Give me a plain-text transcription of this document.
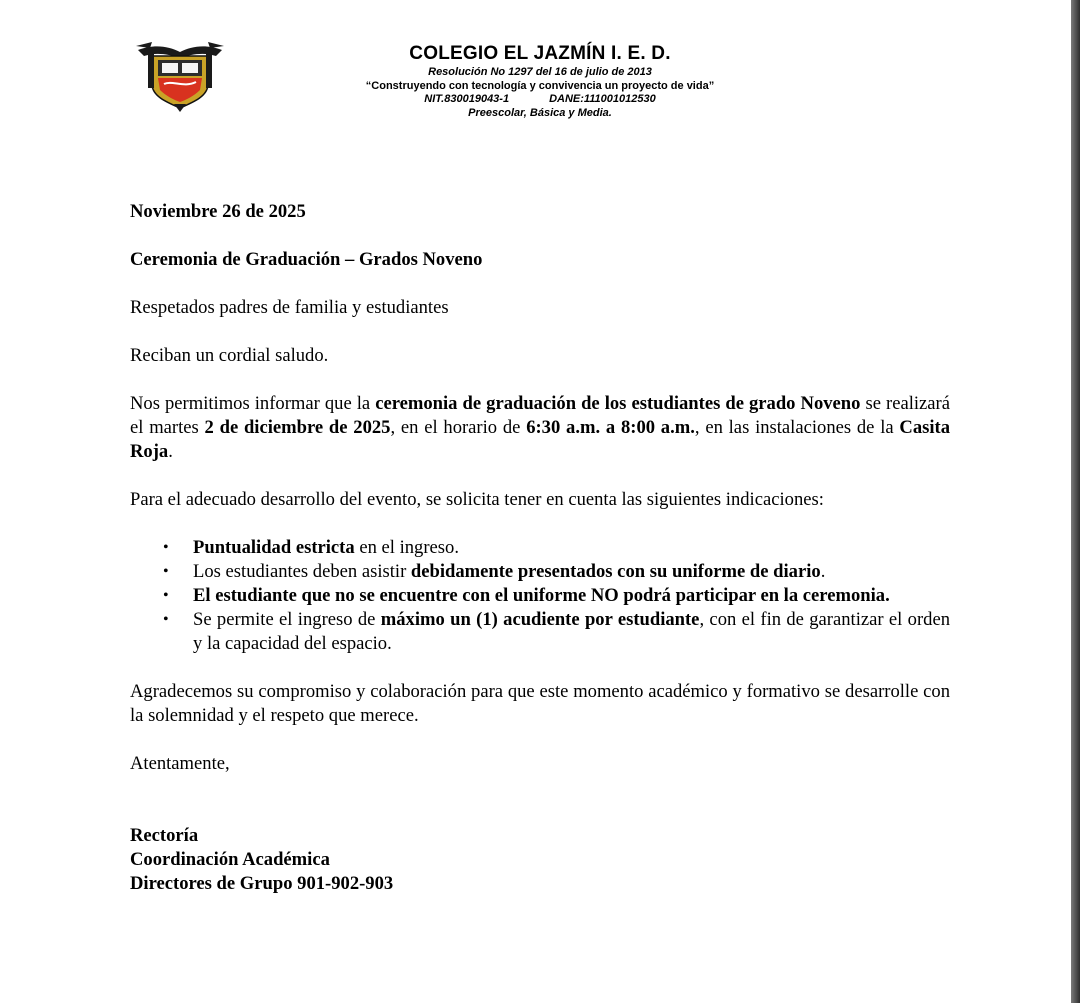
COLEGIO EL JAZMÍN I. E. D.
Resolución No 1297 del 16 de julio de 2013
“Construyendo con tecnología y convivencia un proyecto de vida”
NIT.830019043-1	DANE:111001012530
Preescolar, Básica y Media.

Noviembre 26 de 2025

Ceremonia de Graduación – Grados Noveno

Respetados padres de familia y estudiantes

Reciban un cordial saludo.

Nos permitimos informar que la ceremonia de graduación de los estudiantes de grado Noveno se realizará el martes 2 de diciembre de 2025, en el horario de 6:30 a.m. a 8:00 a.m., en las instalaciones de la Casita Roja.

Para el adecuado desarrollo del evento, se solicita tener en cuenta las siguientes indicaciones:

• Puntualidad estricta en el ingreso.
• Los estudiantes deben asistir debidamente presentados con su uniforme de diario.
• El estudiante que no se encuentre con el uniforme NO podrá participar en la ceremonia.
• Se permite el ingreso de máximo un (1) acudiente por estudiante, con el fin de garantizar el orden y la capacidad del espacio.

Agradecemos su compromiso y colaboración para que este momento académico y formativo se desarrolle con la solemnidad y el respeto que merece.

Atentamente,

Rectoría
Coordinación Académica
Directores de Grupo 901-902-903
